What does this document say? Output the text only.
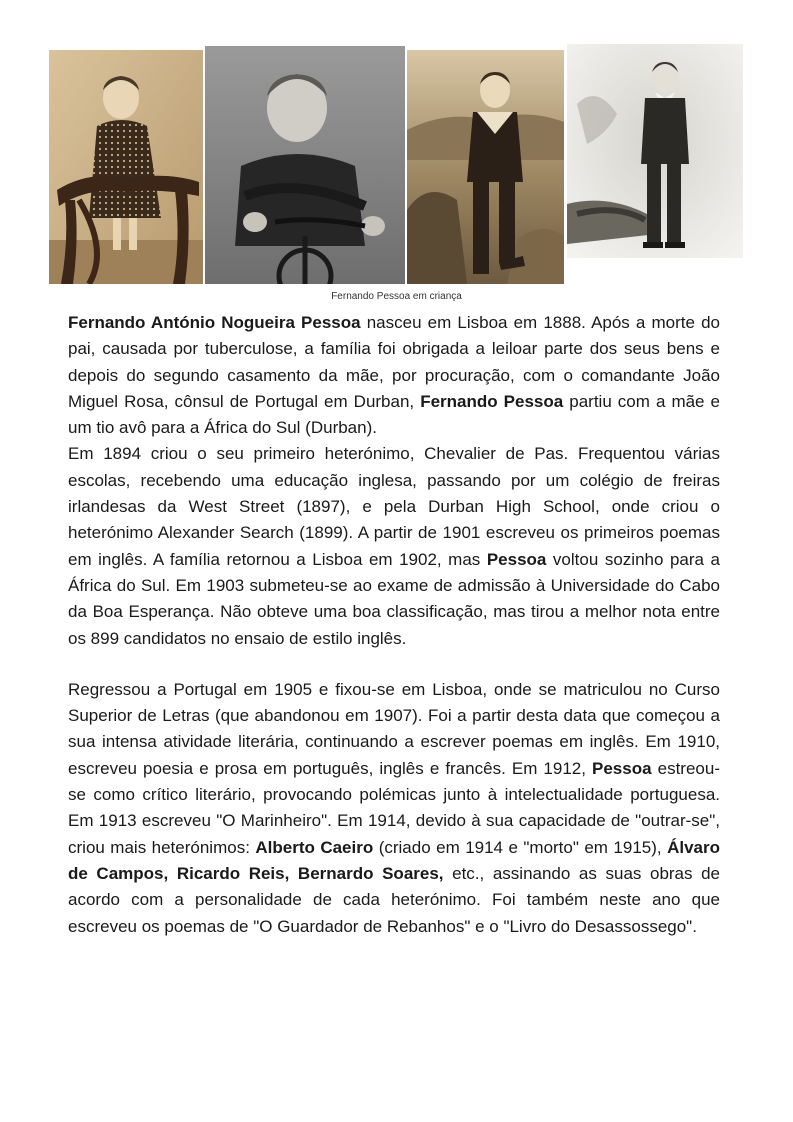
Fernando Pessoa em criança

Fernando António Nogueira Pessoa nasceu em Lisboa em 1888. Após a morte do pai, causada por tuberculose, a família foi obrigada a leiloar parte dos seus bens e depois do segundo casamento da mãe, por procuração, com o comandante João Miguel Rosa, cônsul de Portugal em Durban, Fernando Pessoa partiu com a mãe e um tio avô para a África do Sul (Durban).

Em 1894 criou o seu primeiro heterónimo, Chevalier de Pas. Frequentou várias escolas, recebendo uma educação inglesa, passando por um colégio de freiras irlandesas da West Street (1897), e pela Durban High School, onde criou o heterónimo Alexander Search (1899). A partir de 1901 escreveu os primeiros poemas em inglês. A família retornou a Lisboa em 1902, mas Pessoa voltou sozinho para a África do Sul. Em 1903 submeteu-se ao exame de admissão à Universidade do Cabo da Boa Esperança. Não obteve uma boa classificação, mas tirou a melhor nota entre os 899 candidatos no ensaio de estilo inglês.

Regressou a Portugal em 1905 e fixou-se em Lisboa, onde se matriculou no Curso Superior de Letras (que abandonou em 1907). Foi a partir desta data que começou a sua intensa atividade literária, continuando a escrever poemas em inglês. Em 1910, escreveu poesia e prosa em português, inglês e francês. Em 1912, Pessoa estreou-se como crítico literário, provocando polémicas junto à intelectualidade portuguesa. Em 1913 escreveu "O Marinheiro". Em 1914, devido à sua capacidade de "outrar-se", criou mais heterónimos: Alberto Caeiro (criado em 1914 e "morto" em 1915), Álvaro de Campos, Ricardo Reis, Bernardo Soares, etc., assinando as suas obras de acordo com a personalidade de cada heterónimo. Foi também neste ano que escreveu os poemas de "O Guardador de Rebanhos" e o "Livro do Desassossego".
